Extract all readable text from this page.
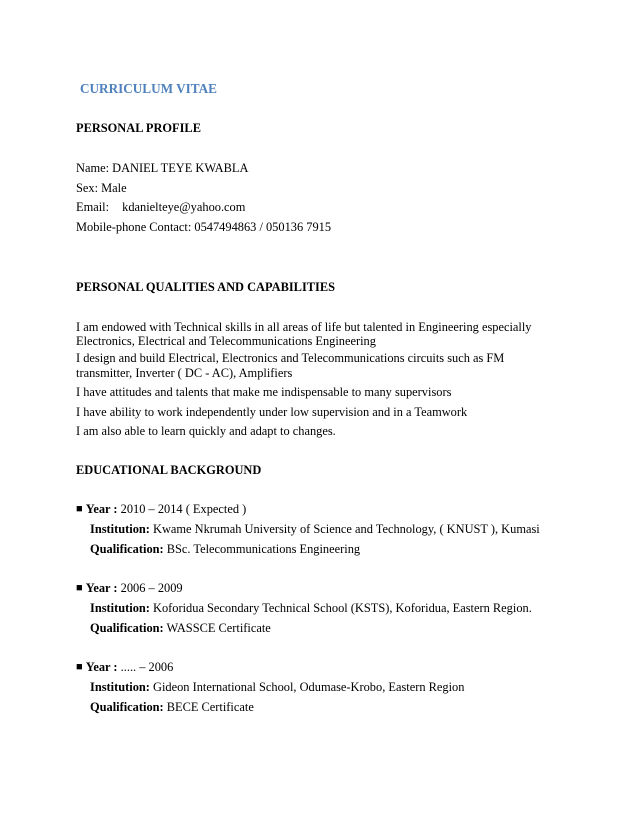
CURRICULUM VITAE
PERSONAL PROFILE
Name: DANIEL TEYE KWABLA
Sex: Male
Email: kdanielteye@yahoo.com
Mobile-phone Contact: 0547494863 / 050136 7915
PERSONAL QUALITIES AND CAPABILITIES
I am endowed with Technical skills in all areas of life but talented in Engineering especially
Electronics, Electrical and Telecommunications Engineering
I design and build Electrical, Electronics and Telecommunications circuits such as FM
transmitter, Inverter ( DC - AC), Amplifiers
I have attitudes and talents that make me indispensable to many supervisors
I have ability to work independently under low supervision and in a Teamwork
I am also able to learn quickly and adapt to changes.
EDUCATIONAL BACKGROUND
■ Year : 2010 – 2014 ( Expected )
Institution: Kwame Nkrumah University of Science and Technology, ( KNUST ), Kumasi
Qualification: BSc. Telecommunications Engineering
■ Year : 2006 – 2009
Institution: Koforidua Secondary Technical School (KSTS), Koforidua, Eastern Region.
Qualification: WASSCE Certificate
■ Year : ..... – 2006
Institution: Gideon International School, Odumase-Krobo, Eastern Region
Qualification: BECE Certificate
